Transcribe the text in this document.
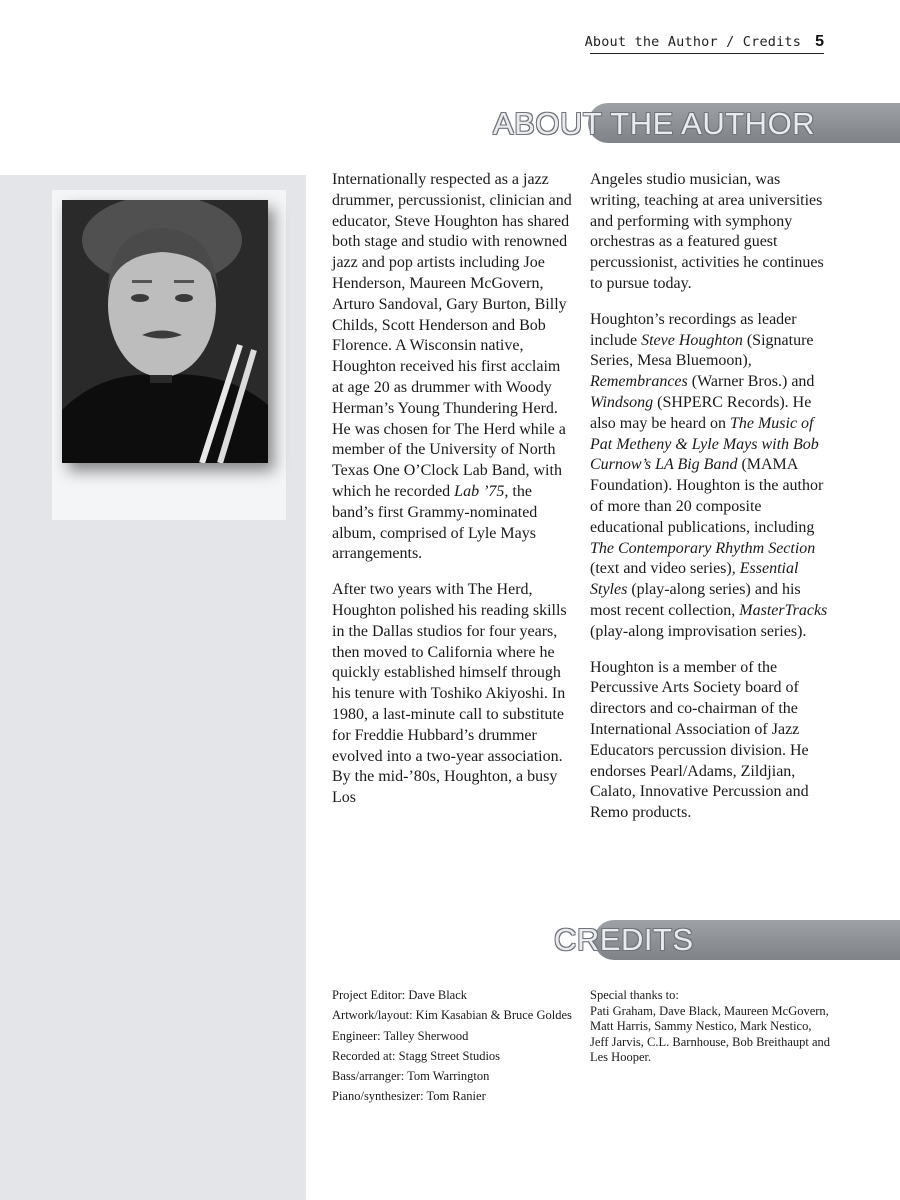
About the Author / Credits 5
ABOUT THE AUTHOR

Internationally respected as a jazz drummer, percussionist, clinician and educator, Steve Houghton has shared both stage and studio with renowned jazz and pop artists including Joe Henderson, Maureen McGovern, Arturo Sandoval, Gary Burton, Billy Childs, Scott Henderson and Bob Florence. A Wisconsin native, Houghton received his first acclaim at age 20 as drummer with Woody Herman’s Young Thundering Herd. He was chosen for The Herd while a member of the University of North Texas One O’Clock Lab Band, with which he recorded Lab ’75, the band’s first Grammy-nominated album, comprised of Lyle Mays arrangements.

After two years with The Herd, Houghton polished his reading skills in the Dallas studios for four years, then moved to California where he quickly established himself through his tenure with Toshiko Akiyoshi. In 1980, a last-minute call to substitute for Freddie Hubbard’s drummer evolved into a two-year association. By the mid-’80s, Houghton, a busy Los

Angeles studio musician, was writing, teaching at area universities and performing with symphony orchestras as a featured guest percussionist, activities he continues to pursue today.

Houghton’s recordings as leader include Steve Houghton (Signature Series, Mesa Bluemoon), Remembrances (Warner Bros.) and Windsong (SHPERC Records). He also may be heard on The Music of Pat Metheny & Lyle Mays with Bob Curnow’s LA Big Band (MAMA Foundation). Houghton is the author of more than 20 composite educational publications, including The Contemporary Rhythm Section (text and video series), Essential Styles (play-along series) and his most recent collection, MasterTracks (play-along improvisation series).

Houghton is a member of the Percussive Arts Society board of directors and co-chairman of the International Association of Jazz Educators percussion division. He endorses Pearl/Adams, Zildjian, Calato, Innovative Percussion and Remo products.

CREDITS
Project Editor: Dave Black
Artwork/layout: Kim Kasabian & Bruce Goldes
Engineer: Talley Sherwood
Recorded at: Stagg Street Studios
Bass/arranger: Tom Warrington
Piano/synthesizer: Tom Ranier
Special thanks to:
Pati Graham, Dave Black, Maureen McGovern, Matt Harris, Sammy Nestico, Mark Nestico, Jeff Jarvis, C.L. Barnhouse, Bob Breithaupt and Les Hooper.
